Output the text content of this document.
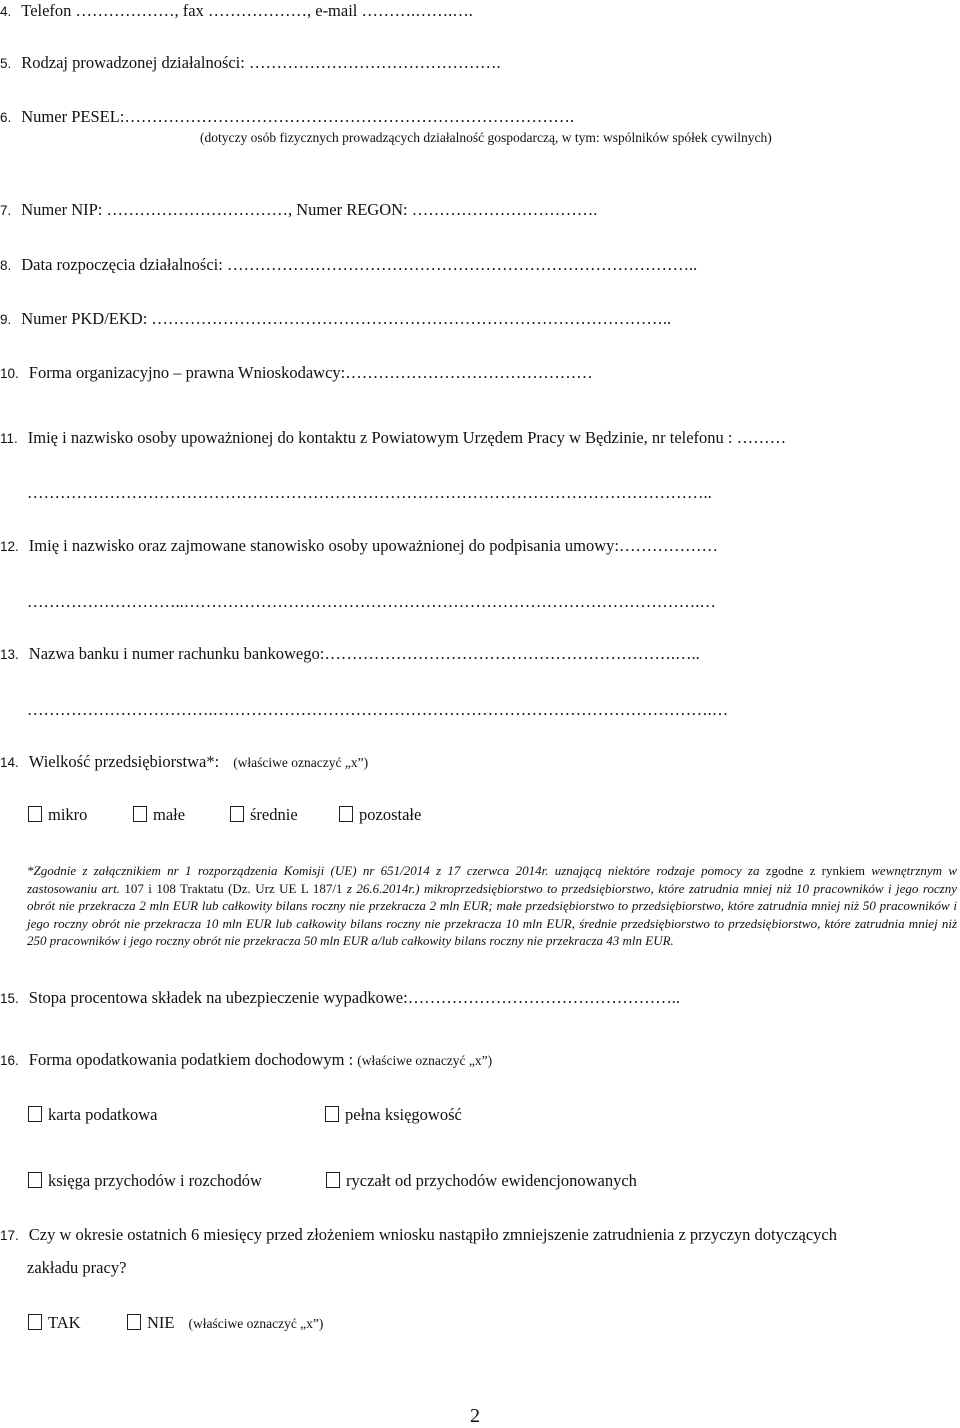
4. Telefon ………………, fax ………………, e-mail ……….…….….
5. Rodzaj prowadzonej działalności: ……………………………………….
6. Numer PESEL:……………………………………………………………………….
(dotyczy osób fizycznych prowadzących działalność gospodarczą, w tym: wspólników spółek cywilnych)
7. Numer NIP: ……………………………, Numer REGON: …………………………….
8. Data rozpoczęcia działalności: …………………………………………………………………………..
9. Numer PKD/EKD: …………………………………………………………………………………..
10. Forma organizacyjno – prawna Wnioskodawcy:………………………………………
11. Imię i nazwisko osoby upoważnionej do kontaktu z Powiatowym Urzędem Pracy w Będzinie, nr telefonu : ………
……………………………………………………………………………………………………………..
12. Imię i nazwisko oraz zajmowane stanowisko osoby upoważnionej do podpisania umowy:………………
………………………..………………………………………………………………………………….…
13. Nazwa banku i numer rachunku bankowego:……………………………………………………….…..
…………………………….……………………………………………………………………………….…
14. Wielkość przedsiębiorstwa*: (właściwe oznaczyć „x”)
mikro	małe	średnie	pozostałe
*Zgodnie z załącznikiem nr 1 rozporządzenia Komisji (UE) nr 651/2014 z 17 czerwca 2014r. uznającą niektóre rodzaje pomocy za zgodne z rynkiem wewnętrznym w zastosowaniu art. 107 i 108 Traktatu (Dz. Urz UE L 187/1 z 26.6.2014r.) mikroprzedsiębiorstwo to przedsiębiorstwo, które zatrudnia mniej niż 10 pracowników i jego roczny obrót nie przekracza 2 mln EUR lub całkowity bilans roczny nie przekracza 2 mln EUR; małe przedsiębiorstwo to przedsiębiorstwo, które zatrudnia mniej niż 50 pracowników i jego roczny obrót nie przekracza 10 mln EUR lub całkowity bilans roczny nie przekracza 10 mln EUR, średnie przedsiębiorstwo to przedsiębiorstwo, które zatrudnia mniej niż 250 pracowników i jego roczny obrót nie przekracza 50 mln EUR a/lub całkowity bilans roczny nie przekracza 43 mln EUR.
15. Stopa procentowa składek na ubezpieczenie wypadkowe:…………………………………………..
16. Forma opodatkowania podatkiem dochodowym : (właściwe oznaczyć „x”)
karta podatkowa	pełna księgowość
księga przychodów i rozchodów	ryczałt od przychodów ewidencjonowanych
17. Czy w okresie ostatnich 6 miesięcy przed złożeniem wniosku nastąpiło zmniejszenie zatrudnienia z przyczyn dotyczących
zakładu pracy?
TAK	NIE (właściwe oznaczyć „x”)
2
